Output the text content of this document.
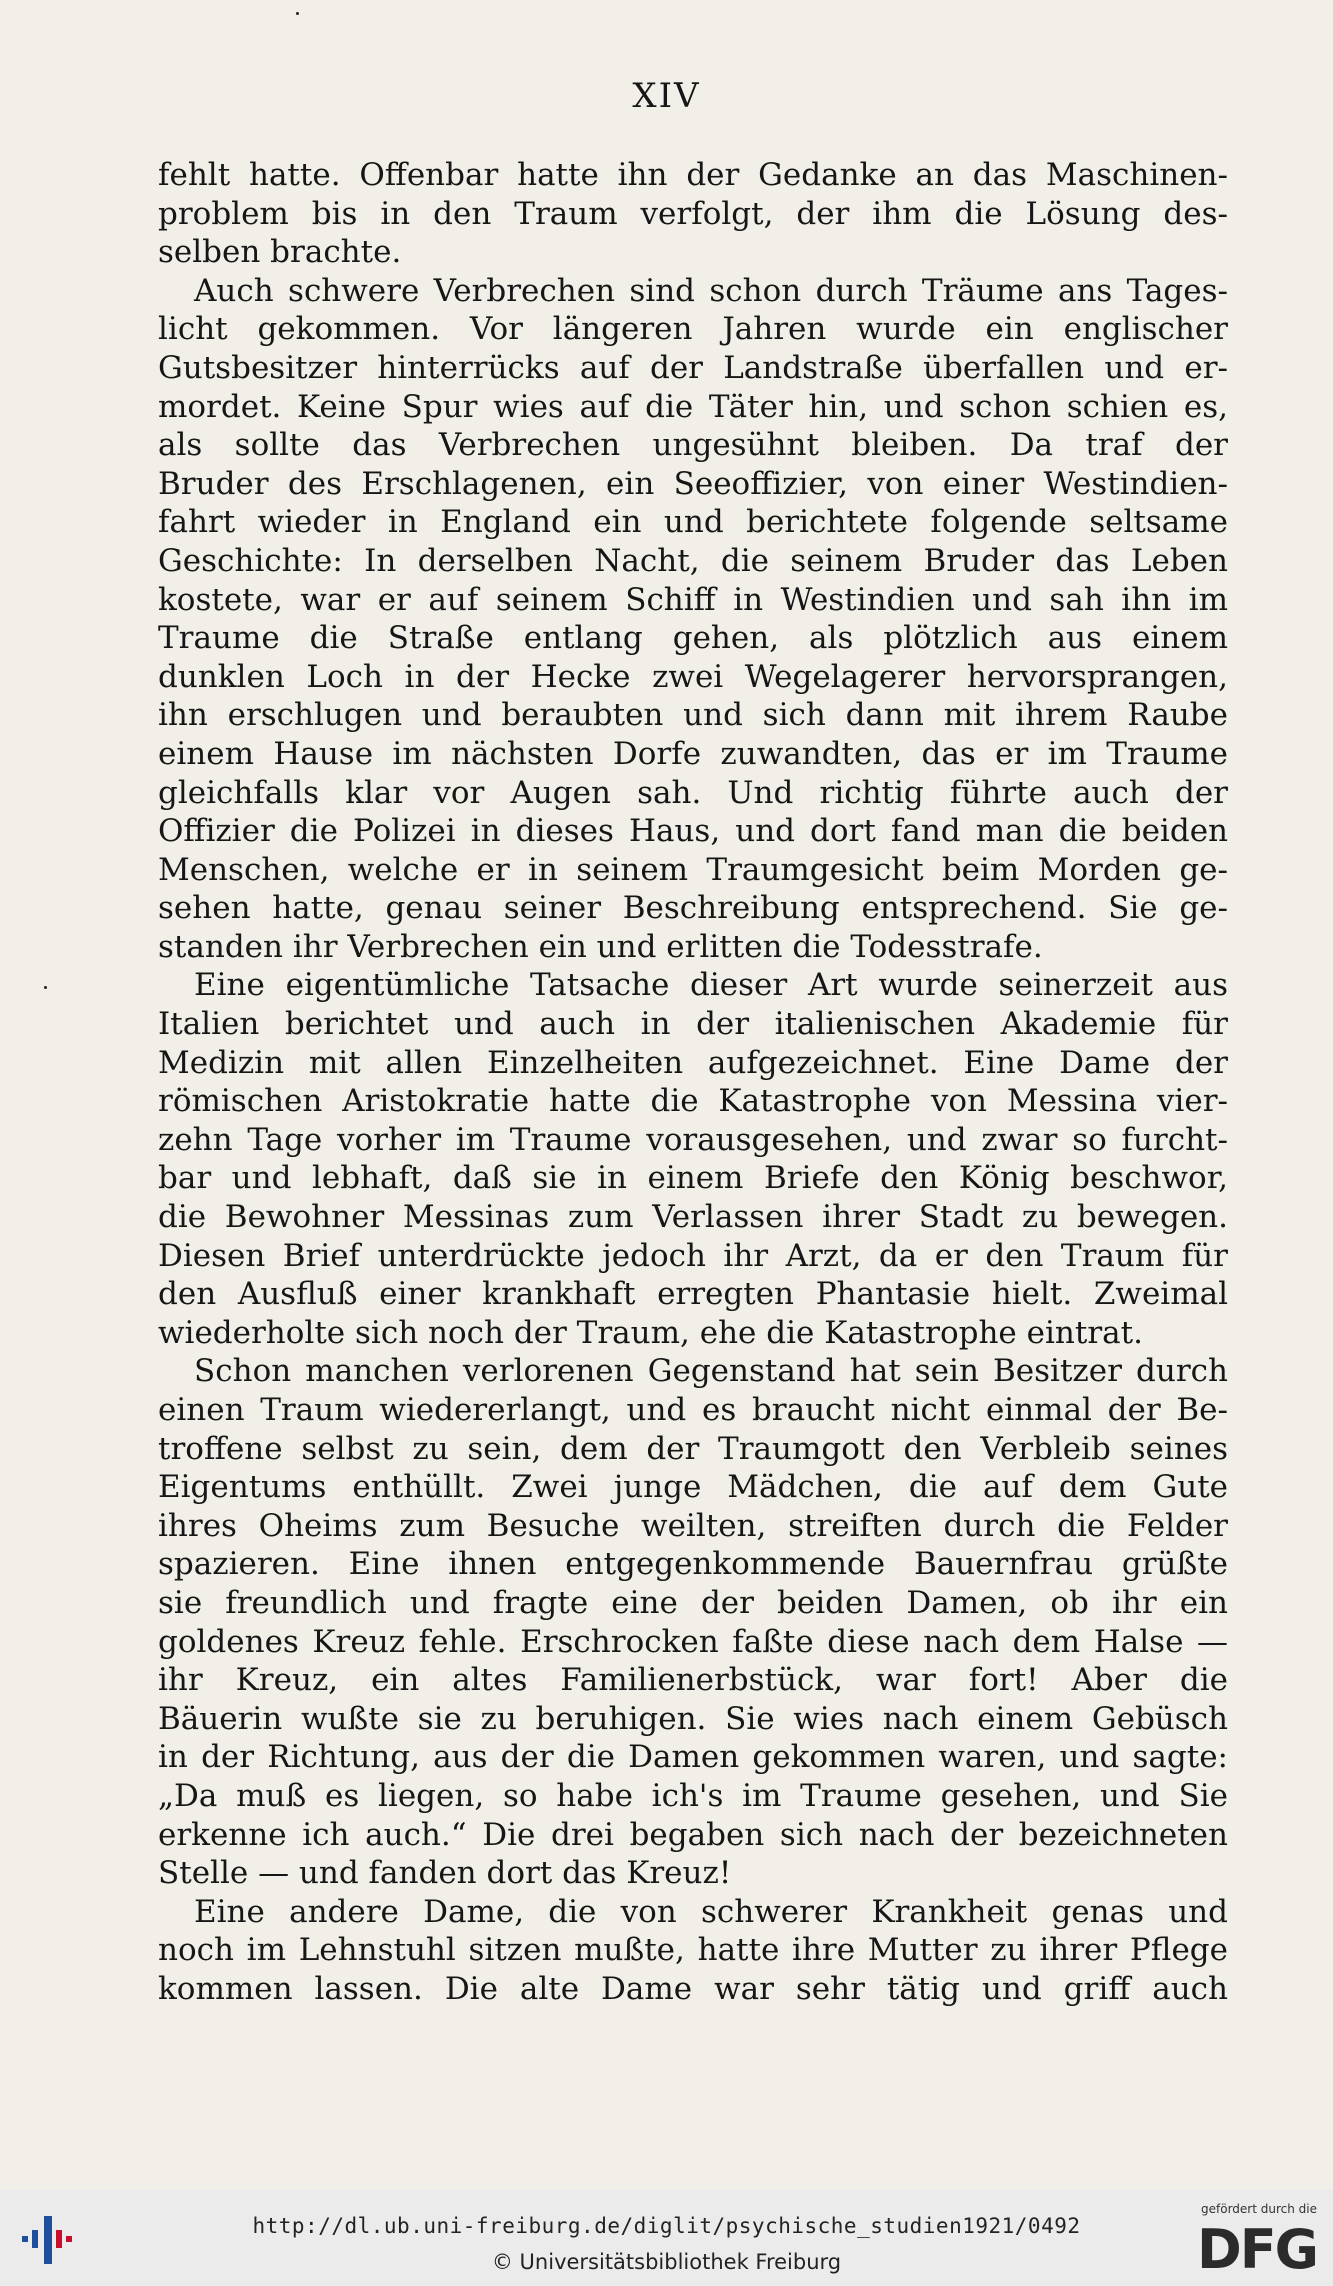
XIV
fehlt hatte. Offenbar hatte ihn der Gedanke an das Maschinen-
problem bis in den Traum verfolgt, der ihm die Lösung des-
selben brachte.
Auch schwere Verbrechen sind schon durch Träume ans Tages-
licht gekommen. Vor längeren Jahren wurde ein englischer
Gutsbesitzer hinterrücks auf der Landstraße überfallen und er-
mordet. Keine Spur wies auf die Täter hin, und schon schien es,
als sollte das Verbrechen ungesühnt bleiben. Da traf der
Bruder des Erschlagenen, ein Seeoffizier, von einer Westindien-
fahrt wieder in England ein und berichtete folgende seltsame
Geschichte: In derselben Nacht, die seinem Bruder das Leben
kostete, war er auf seinem Schiff in Westindien und sah ihn im
Traume die Straße entlang gehen, als plötzlich aus einem
dunklen Loch in der Hecke zwei Wegelagerer hervorsprangen,
ihn erschlugen und beraubten und sich dann mit ihrem Raube
einem Hause im nächsten Dorfe zuwandten, das er im Traume
gleichfalls klar vor Augen sah. Und richtig führte auch der
Offizier die Polizei in dieses Haus, und dort fand man die beiden
Menschen, welche er in seinem Traumgesicht beim Morden ge-
sehen hatte, genau seiner Beschreibung entsprechend. Sie ge-
standen ihr Verbrechen ein und erlitten die Todesstrafe.
Eine eigentümliche Tatsache dieser Art wurde seinerzeit aus
Italien berichtet und auch in der italienischen Akademie für
Medizin mit allen Einzelheiten aufgezeichnet. Eine Dame der
römischen Aristokratie hatte die Katastrophe von Messina vier-
zehn Tage vorher im Traume vorausgesehen, und zwar so furcht-
bar und lebhaft, daß sie in einem Briefe den König beschwor,
die Bewohner Messinas zum Verlassen ihrer Stadt zu bewegen.
Diesen Brief unterdrückte jedoch ihr Arzt, da er den Traum für
den Ausfluß einer krankhaft erregten Phantasie hielt. Zweimal
wiederholte sich noch der Traum, ehe die Katastrophe eintrat.
Schon manchen verlorenen Gegenstand hat sein Besitzer durch
einen Traum wiedererlangt, und es braucht nicht einmal der Be-
troffene selbst zu sein, dem der Traumgott den Verbleib seines
Eigentums enthüllt. Zwei junge Mädchen, die auf dem Gute
ihres Oheims zum Besuche weilten, streiften durch die Felder
spazieren. Eine ihnen entgegenkommende Bauernfrau grüßte
sie freundlich und fragte eine der beiden Damen, ob ihr ein
goldenes Kreuz fehle. Erschrocken faßte diese nach dem Halse —
ihr Kreuz, ein altes Familienerbstück, war fort! Aber die
Bäuerin wußte sie zu beruhigen. Sie wies nach einem Gebüsch
in der Richtung, aus der die Damen gekommen waren, und sagte:
„Da muß es liegen, so habe ich's im Traume gesehen, und Sie
erkenne ich auch.“ Die drei begaben sich nach der bezeichneten
Stelle — und fanden dort das Kreuz!
Eine andere Dame, die von schwerer Krankheit genas und
noch im Lehnstuhl sitzen mußte, hatte ihre Mutter zu ihrer Pflege
kommen lassen. Die alte Dame war sehr tätig und griff auch
http://dl.ub.uni-freiburg.de/diglit/psychische_studien1921/0492
© Universitätsbibliothek Freiburg
gefördert durch die
DFG
